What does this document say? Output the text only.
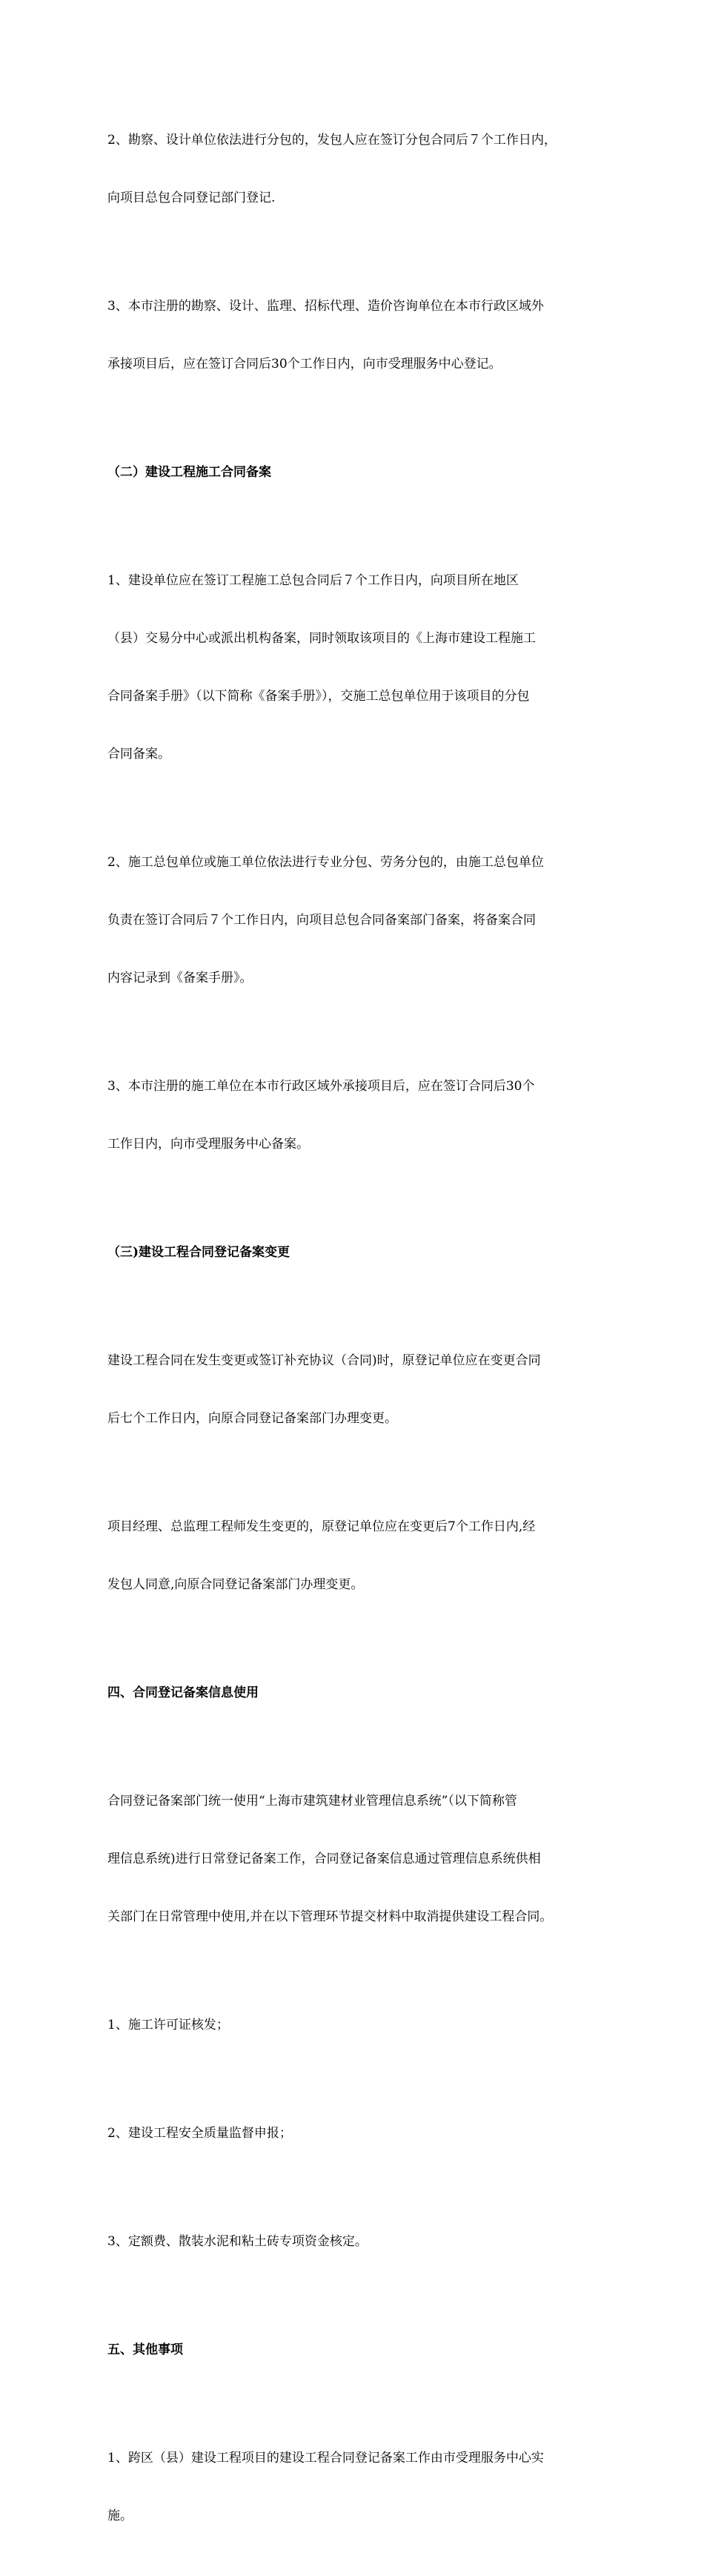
2、勘察、设计单位依法进行分包的，发包人应在签订分包合同后７个工作日内，

向项目总包合同登记部门登记.

3、本市注册的勘察、设计、监理、招标代理、造价咨询单位在本市行政区域外

承接项目后，应在签订合同后30个工作日内，向市受理服务中心登记。

（二）建设工程施工合同备案

1、建设单位应在签订工程施工总包合同后７个工作日内，向项目所在地区

（县）交易分中心或派出机构备案，同时领取该项目的《上海市建设工程施工

合同备案手册》（以下简称《备案手册》），交施工总包单位用于该项目的分包

合同备案。

2、施工总包单位或施工单位依法进行专业分包、劳务分包的，由施工总包单位

负责在签订合同后７个工作日内，向项目总包合同备案部门备案，将备案合同

内容记录到《备案手册》。

3、本市注册的施工单位在本市行政区域外承接项目后，应在签订合同后30个

工作日内，向市受理服务中心备案。

（三)建设工程合同登记备案变更

建设工程合同在发生变更或签订补充协议（合同)时，原登记单位应在变更合同

后七个工作日内，向原合同登记备案部门办理变更。

项目经理、总监理工程师发生变更的，原登记单位应在变更后7个工作日内,经

发包人同意,向原合同登记备案部门办理变更。

四、合同登记备案信息使用

合同登记备案部门统一使用“上海市建筑建材业管理信息系统”（以下简称管

理信息系统)进行日常登记备案工作，合同登记备案信息通过管理信息系统供相

关部门在日常管理中使用,并在以下管理环节提交材料中取消提供建设工程合同。

1、施工许可证核发；

2、建设工程安全质量监督申报；

3、定额费、散装水泥和粘土砖专项资金核定。

五、其他事项

1、跨区（县）建设工程项目的建设工程合同登记备案工作由市受理服务中心实

施。
